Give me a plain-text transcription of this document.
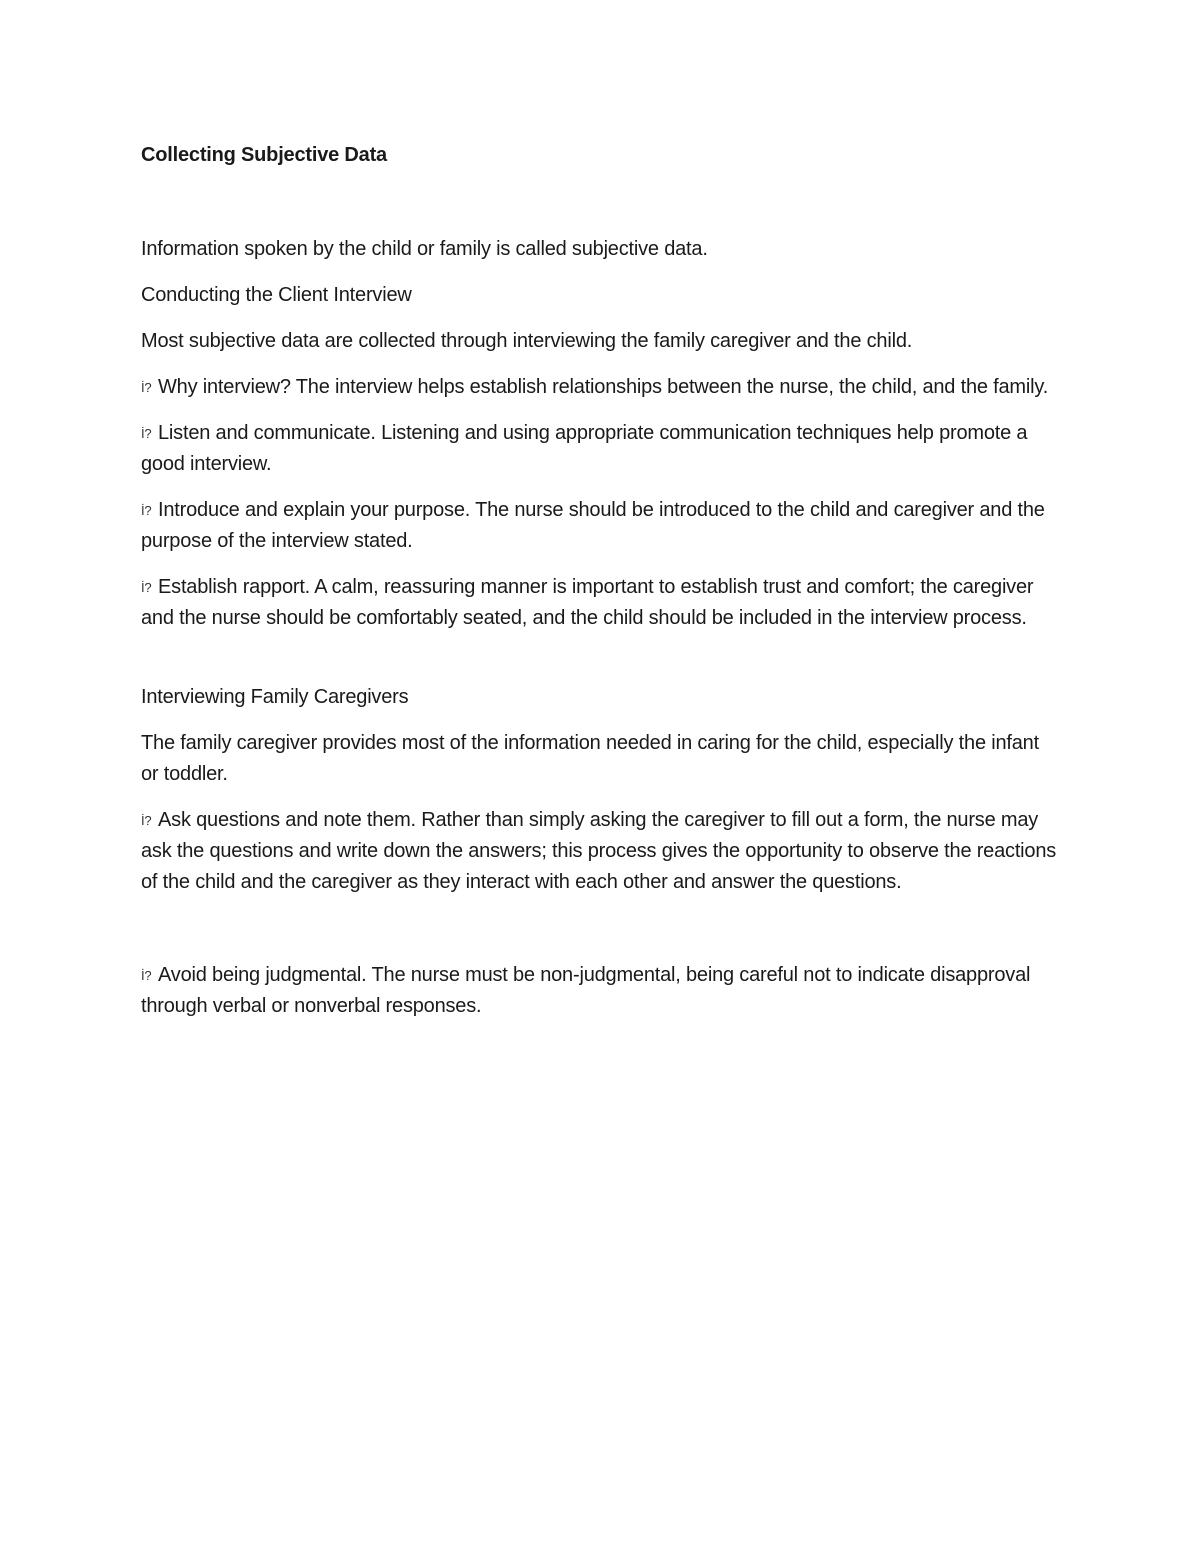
Collecting Subjective Data

Information spoken by the child or family is called subjective data.

Conducting the Client Interview

Most subjective data are collected through interviewing the family caregiver and the child.

İ? Why interview? The interview helps establish relationships between the nurse, the child, and the family.

İ? Listen and communicate. Listening and using appropriate communication techniques help promote a good interview.

İ? Introduce and explain your purpose. The nurse should be introduced to the child and caregiver and the purpose of the interview stated.

İ? Establish rapport. A calm, reassuring manner is important to establish trust and comfort; the caregiver and the nurse should be comfortably seated, and the child should be included in the interview process.

Interviewing Family Caregivers

The family caregiver provides most of the information needed in caring for the child, especially the infant or toddler.

İ? Ask questions and note them. Rather than simply asking the caregiver to fill out a form, the nurse may ask the questions and write down the answers; this process gives the opportunity to observe the reactions of the child and the caregiver as they interact with each other and answer the questions.

İ? Avoid being judgmental. The nurse must be non-judgmental, being careful not to indicate disapproval through verbal or nonverbal responses.
